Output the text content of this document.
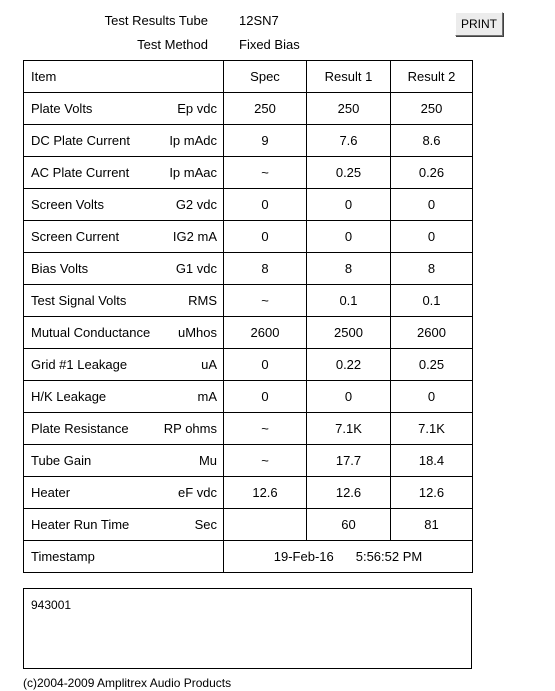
Test Results Tube 12SN7
Test Method Fixed Bias
PRINT
Item	Spec	Result 1	Result 2

Plate Volts Ep vdc	250	250	250

DC Plate Current Ip mAdc	9	7.6	8.6

AC Plate Current Ip mAac	~	0.25	0.26

Screen Volts G2 vdc	0	0	0

Screen Current IG2 mA	0	0	0

Bias Volts G1 vdc	8	8	8

Test Signal Volts RMS	~	0.1	0.1

Mutual Conductance uMhos	2600	2500	2600

Grid #1 Leakage uA	0	0.22	0.25

H/K Leakage mA	0	0	0

Plate Resistance RP ohms	~	7.1K	7.1K

Tube Gain Mu	~	17.7	18.4

Heater eF vdc	12.6	12.6	12.6

Heater Run Time Sec		60	81

Timestamp	19-Feb-16 5:56:52 PM		
943001
(c)2004-2009 Amplitrex Audio Products
